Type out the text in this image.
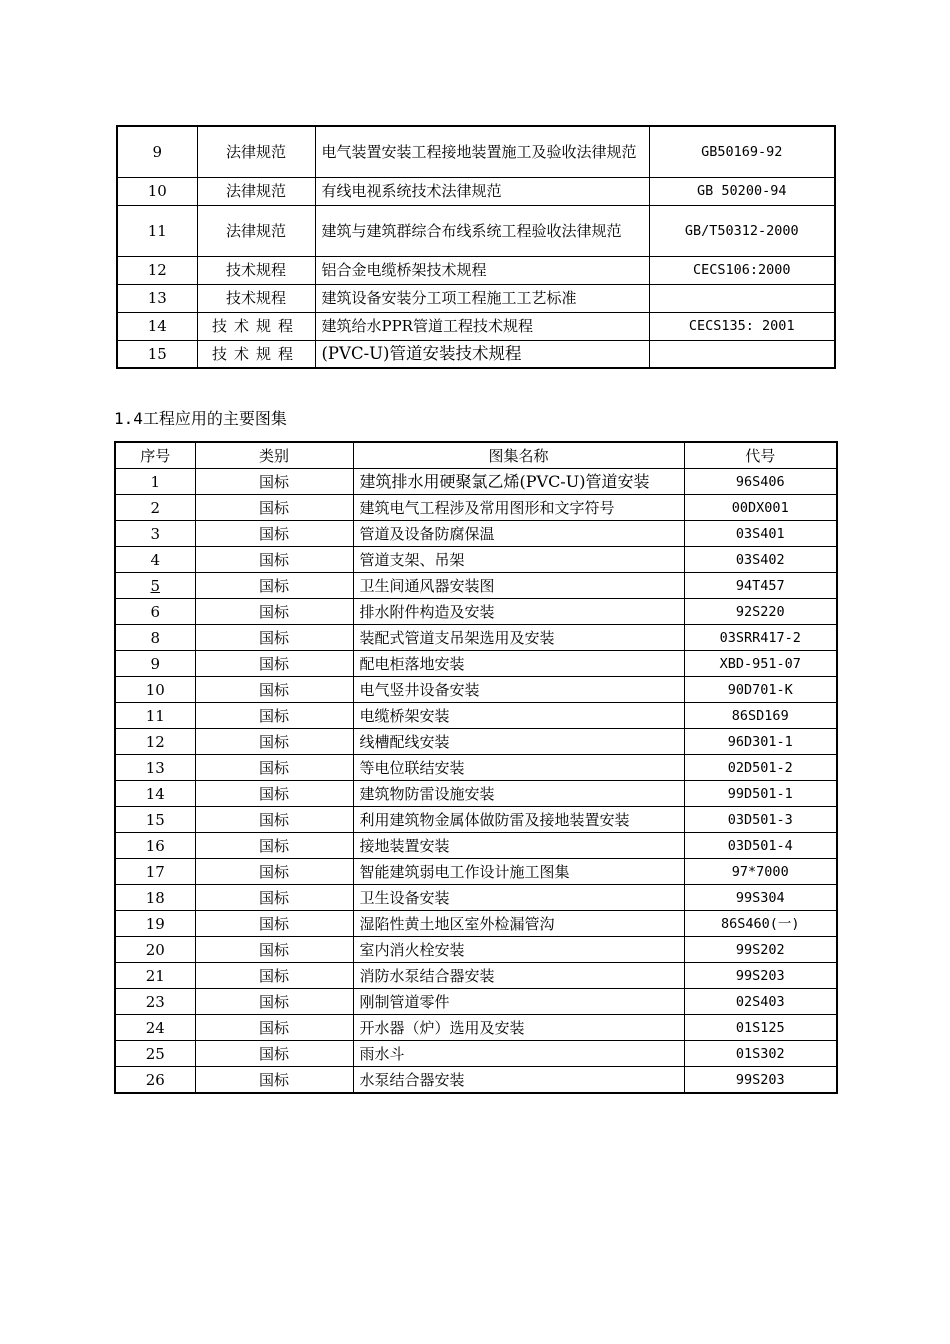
9	法律规范	电气装置安装工程接地装置施工及验收法律规范	GB50169-92
10	法律规范	有线电视系统技术法律规范	GB 50200-94
11	法律规范	建筑与建筑群综合布线系统工程验收法律规范	GB/T50312-2000
12	技术规程	铝合金电缆桥架技术规程	CECS106:2000
13	技术规程	建筑设备安装分工项工程施工工艺标准	
14	技术规程	建筑给水PPR管道工程技术规程	CECS135: 2001
15	技术规程	(PVC-U)管道安装技术规程	
1.4工程应用的主要图集
序号	类别	图集名称	代号
1	国标	建筑排水用硬聚氯乙烯(PVC-U)管道安装	96S406
2	国标	建筑电气工程涉及常用图形和文字符号	00DX001
3	国标	管道及设备防腐保温	03S401
4	国标	管道支架、吊架	03S402
5	国标	卫生间通风器安装图	94T457
6	国标	排水附件构造及安装	92S220
8	国标	装配式管道支吊架选用及安装	03SRR417-2
9	国标	配电柜落地安装	XBD-951-07
10	国标	电气竖井设备安装	90D701-K
11	国标	电缆桥架安装	86SD169
12	国标	线槽配线安装	96D301-1
13	国标	等电位联结安装	02D501-2
14	国标	建筑物防雷设施安装	99D501-1
15	国标	利用建筑物金属体做防雷及接地装置安装	03D501-3
16	国标	接地装置安装	03D501-4
17	国标	智能建筑弱电工作设计施工图集	97*7000
18	国标	卫生设备安装	99S304
19	国标	湿陷性黄土地区室外检漏管沟	86S460(一)
20	国标	室内消火栓安装	99S202
21	国标	消防水泵结合器安装	99S203
23	国标	刚制管道零件	02S403
24	国标	开水器（炉）选用及安装	01S125
25	国标	雨水斗	01S302
26	国标	水泵结合器安装	99S203
